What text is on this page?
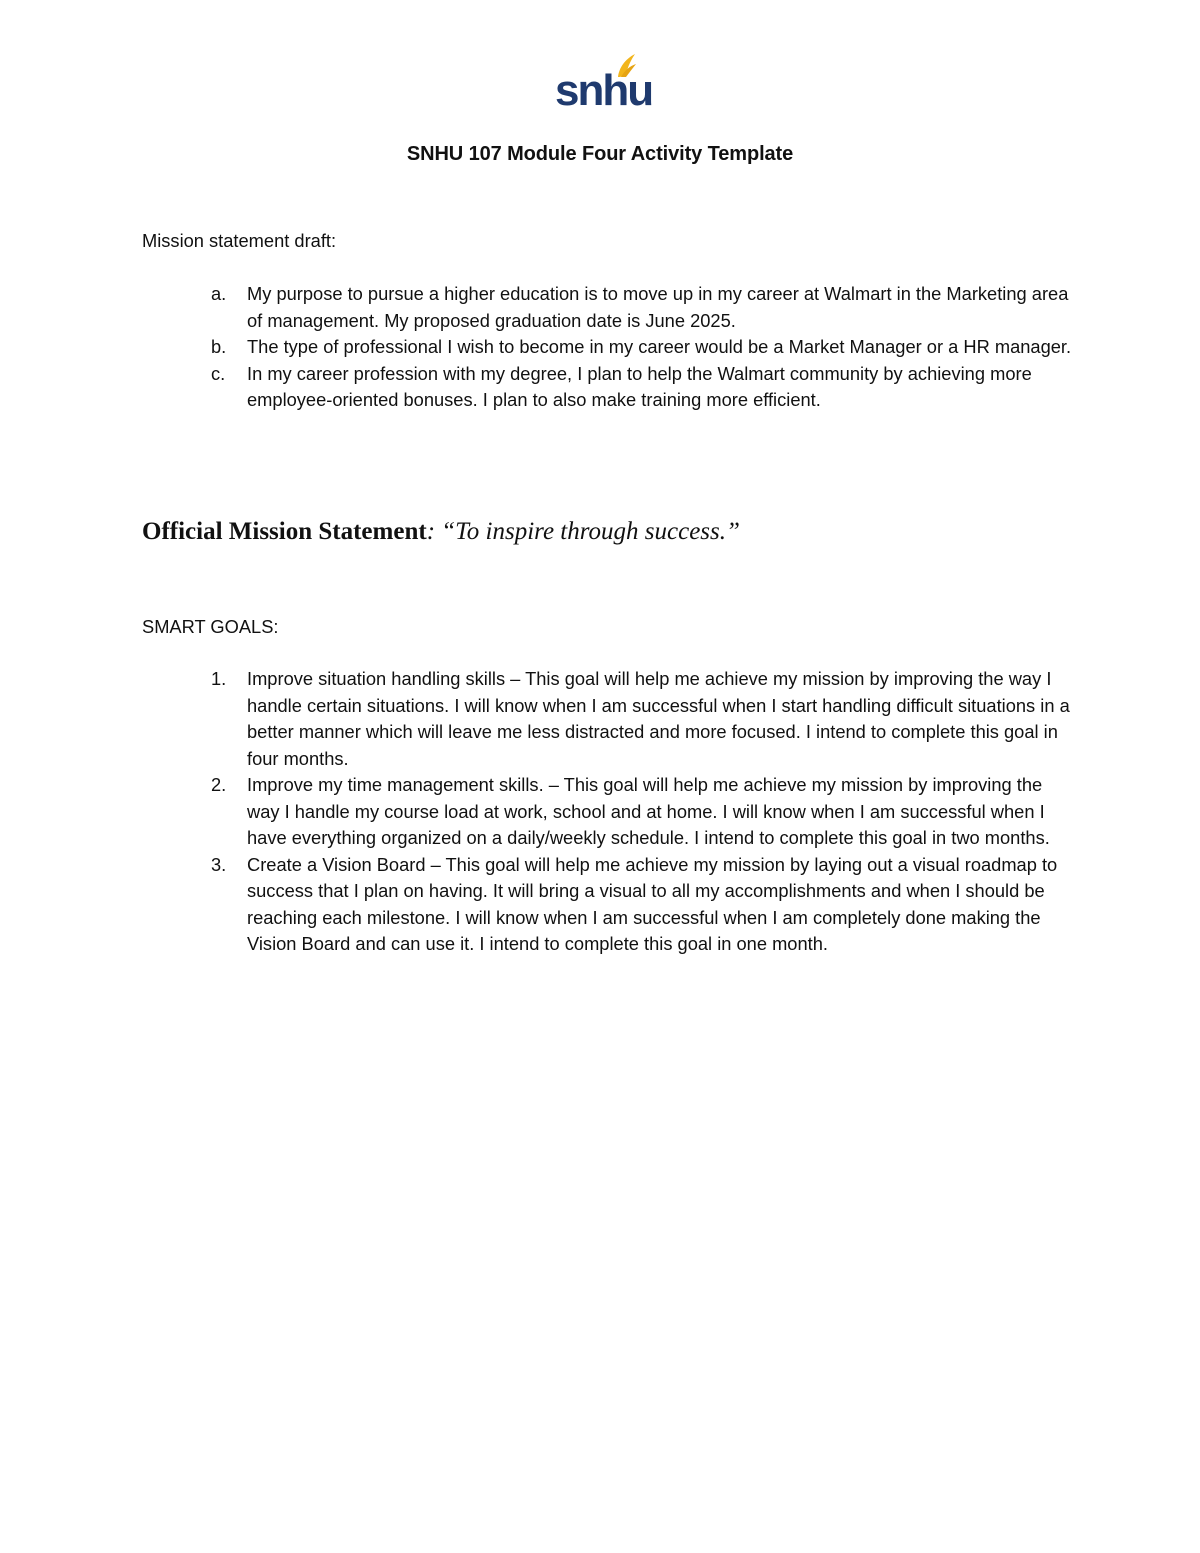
snhu
SNHU 107 Module Four Activity Template
Mission statement draft:
a. My purpose to pursue a higher education is to move up in my career at Walmart in the Marketing area of management. My proposed graduation date is June 2025.
b. The type of professional I wish to become in my career would be a Market Manager or a HR manager.
c. In my career profession with my degree, I plan to help the Walmart community by achieving more employee-oriented bonuses. I plan to also make training more efficient.
Official Mission Statement: “To inspire through success.”
SMART GOALS:
1. Improve situation handling skills – This goal will help me achieve my mission by improving the way I handle certain situations. I will know when I am successful when I start handling difficult situations in a better manner which will leave me less distracted and more focused. I intend to complete this goal in four months.
2. Improve my time management skills. – This goal will help me achieve my mission by improving the way I handle my course load at work, school and at home. I will know when I am successful when I have everything organized on a daily/weekly schedule. I intend to complete this goal in two months.
3. Create a Vision Board – This goal will help me achieve my mission by laying out a visual roadmap to success that I plan on having. It will bring a visual to all my accomplishments and when I should be reaching each milestone. I will know when I am successful when I am completely done making the Vision Board and can use it. I intend to complete this goal in one month.
